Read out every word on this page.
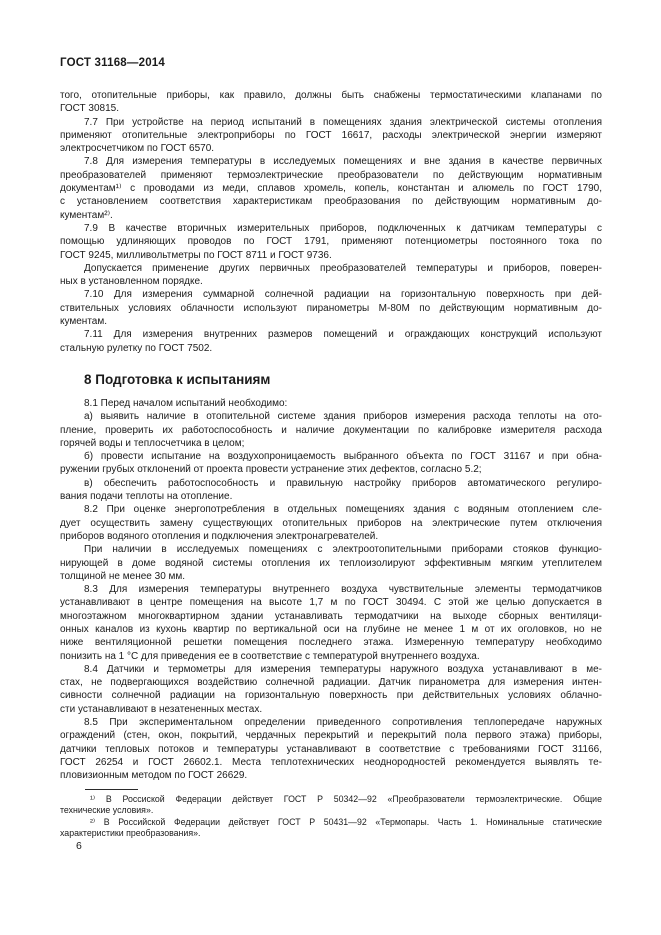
ГОСТ 31168—2014
того, отопительные приборы, как правило, должны быть снабжены термостатическими клапанами по
ГОСТ 30815.
7.7 При устройстве на период испытаний в помещениях здания электрической системы отопления
применяют отопительные электроприборы по ГОСТ 16617, расходы электрической энергии измеряют
электросчетчиком по ГОСТ 6570.
7.8 Для измерения температуры в исследуемых помещениях и вне здания в качестве первичных
преобразователей применяют термоэлектрические преобразователи по действующим нормативным
документам¹⁾ с проводами из меди, сплавов хромель, копель, константан и алюмель по ГОСТ 1790,
с установлением соответствия характеристикам преобразования по действующим нормативным до-
кументам²⁾.
7.9 В качестве вторичных измерительных приборов, подключенных к датчикам температуры с
помощью удлиняющих проводов по ГОСТ 1791, применяют потенциометры постоянного тока по
ГОСТ 9245, милливольтметры по ГОСТ 8711 и ГОСТ 9736.
Допускается применение других первичных преобразователей температуры и приборов, поверен-
ных в установленном порядке.
7.10 Для измерения суммарной солнечной радиации на горизонтальную поверхность при дей-
ствительных условиях облачности используют пиранометры М-80М по действующим нормативным до-
кументам.
7.11 Для измерения внутренних размеров помещений и ограждающих конструкций используют
стальную рулетку по ГОСТ 7502.
8 Подготовка к испытаниям
8.1 Перед началом испытаний необходимо:
а) выявить наличие в отопительной системе здания приборов измерения расхода теплоты на ото-
пление, проверить их работоспособность и наличие документации по калибровке измерителя расхода
горячей воды и теплосчетчика в целом;
б) провести испытание на воздухопроницаемость выбранного объекта по ГОСТ 31167 и при обна-
ружении грубых отклонений от проекта провести устранение этих дефектов, согласно 5.2;
в) обеспечить работоспособность и правильную настройку приборов автоматического регулиро-
вания подачи теплоты на отопление.
8.2 При оценке энергопотребления в отдельных помещениях здания с водяным отоплением сле-
дует осуществить замену существующих отопительных приборов на электрические путем отключения
приборов водяного отопления и подключения электронагревателей.
При наличии в исследуемых помещениях с электроотопительными приборами стояков функцио-
нирующей в доме водяной системы отопления их теплоизолируют эффективным мягким утеплителем
толщиной не менее 30 мм.
8.3 Для измерения температуры внутреннего воздуха чувствительные элементы термодатчиков
устанавливают в центре помещения на высоте 1,7 м по ГОСТ 30494. С этой же целью допускается в
многоэтажном многоквартирном здании устанавливать термодатчики на выходе сборных вентиляци-
онных каналов из кухонь квартир по вертикальной оси на глубине не менее 1 м от их оголовков, но не
ниже вентиляционной решетки помещения последнего этажа. Измеренную температуру необходимо
понизить на 1 °С для приведения ее в соответствие с температурой внутреннего воздуха.
8.4 Датчики и термометры для измерения температуры наружного воздуха устанавливают в ме-
стах, не подвергающихся воздействию солнечной радиации. Датчик пиранометра для измерения интен-
сивности солнечной радиации на горизонтальную поверхность при действительных условиях облачно-
сти устанавливают в незатененных местах.
8.5 При экспериментальном определении приведенного сопротивления теплопередаче наружных
ограждений (стен, окон, покрытий, чердачных перекрытий и перекрытий пола первого этажа) приборы,
датчики тепловых потоков и температуры устанавливают в соответствие с требованиями ГОСТ 31166,
ГОСТ 26254 и ГОСТ 26602.1. Места теплотехнических неоднородностей рекомендуется выявлять те-
пловизионным методом по ГОСТ 26629.
¹⁾ В Россиской Федерации действует ГОСТ Р 50342—92 «Преобразователи термоэлектрические. Общие
технические условия».
²⁾ В Российской Федерации действует ГОСТ Р 50431—92 «Термопары. Часть 1. Номинальные статические
характеристики преобразования».
6
